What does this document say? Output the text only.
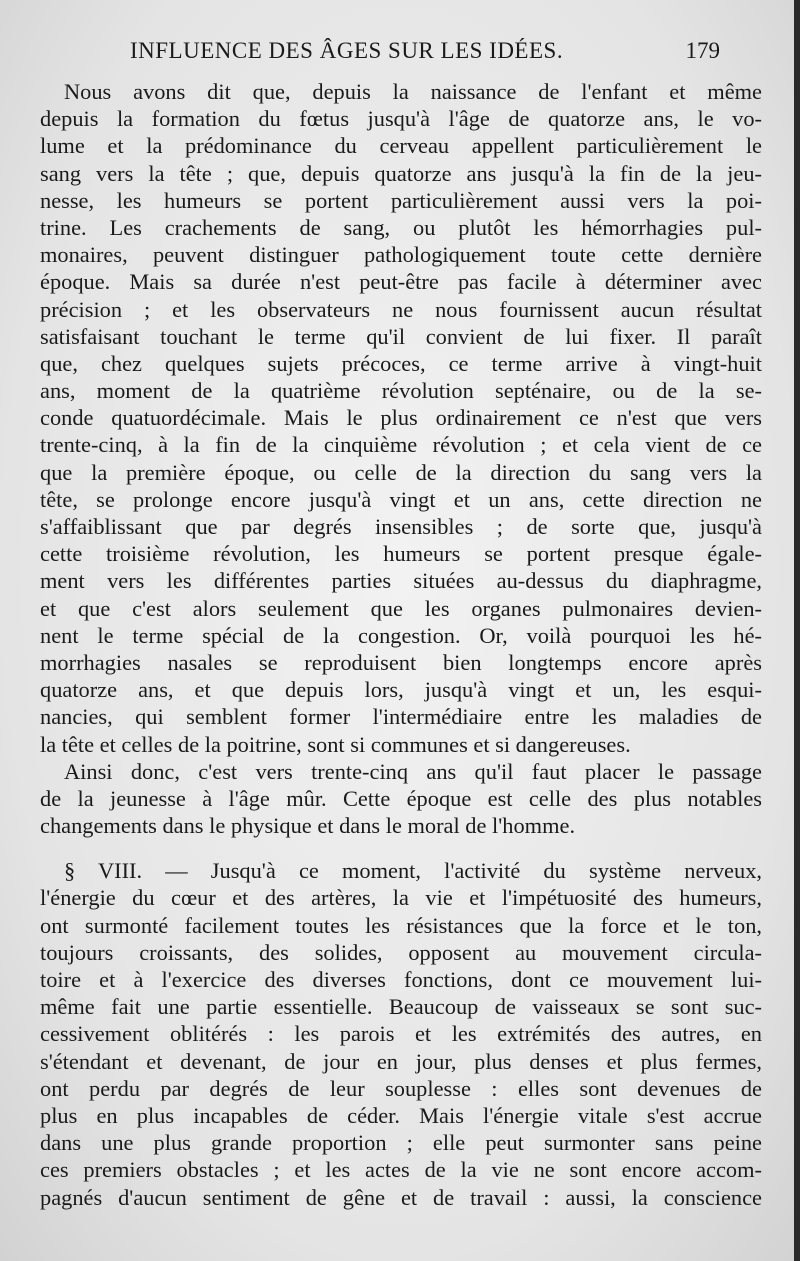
INFLUENCE DES ÂGES SUR LES IDÉES.	179
Nous avons dit que, depuis la naissance de l'enfant et même
depuis la formation du fœtus jusqu'à l'âge de quatorze ans, le vo-
lume et la prédominance du cerveau appellent particulièrement le
sang vers la tête ; que, depuis quatorze ans jusqu'à la fin de la jeu-
nesse, les humeurs se portent particulièrement aussi vers la poi-
trine. Les crachements de sang, ou plutôt les hémorrhagies pul-
monaires, peuvent distinguer pathologiquement toute cette dernière
époque. Mais sa durée n'est peut-être pas facile à déterminer avec
précision ; et les observateurs ne nous fournissent aucun résultat
satisfaisant touchant le terme qu'il convient de lui fixer. Il paraît
que, chez quelques sujets précoces, ce terme arrive à vingt-huit
ans, moment de la quatrième révolution septénaire, ou de la se-
conde quatuordécimale. Mais le plus ordinairement ce n'est que vers
trente-cinq, à la fin de la cinquième révolution ; et cela vient de ce
que la première époque, ou celle de la direction du sang vers la
tête, se prolonge encore jusqu'à vingt et un ans, cette direction ne
s'affaiblissant que par degrés insensibles ; de sorte que, jusqu'à
cette troisième révolution, les humeurs se portent presque égale-
ment vers les différentes parties situées au-dessus du diaphragme,
et que c'est alors seulement que les organes pulmonaires devien-
nent le terme spécial de la congestion. Or, voilà pourquoi les hé-
morrhagies nasales se reproduisent bien longtemps encore après
quatorze ans, et que depuis lors, jusqu'à vingt et un, les esqui-
nancies, qui semblent former l'intermédiaire entre les maladies de
la tête et celles de la poitrine, sont si communes et si dangereuses.
Ainsi donc, c'est vers trente-cinq ans qu'il faut placer le passage
de la jeunesse à l'âge mûr. Cette époque est celle des plus notables
changements dans le physique et dans le moral de l'homme.
§ VIII. — Jusqu'à ce moment, l'activité du système nerveux,
l'énergie du cœur et des artères, la vie et l'impétuosité des humeurs,
ont surmonté facilement toutes les résistances que la force et le ton,
toujours croissants, des solides, opposent au mouvement circula-
toire et à l'exercice des diverses fonctions, dont ce mouvement lui-
même fait une partie essentielle. Beaucoup de vaisseaux se sont suc-
cessivement oblitérés : les parois et les extrémités des autres, en
s'étendant et devenant, de jour en jour, plus denses et plus fermes,
ont perdu par degrés de leur souplesse : elles sont devenues de
plus en plus incapables de céder. Mais l'énergie vitale s'est accrue
dans une plus grande proportion ; elle peut surmonter sans peine
ces premiers obstacles ; et les actes de la vie ne sont encore accom-
pagnés d'aucun sentiment de gêne et de travail : aussi, la conscience
